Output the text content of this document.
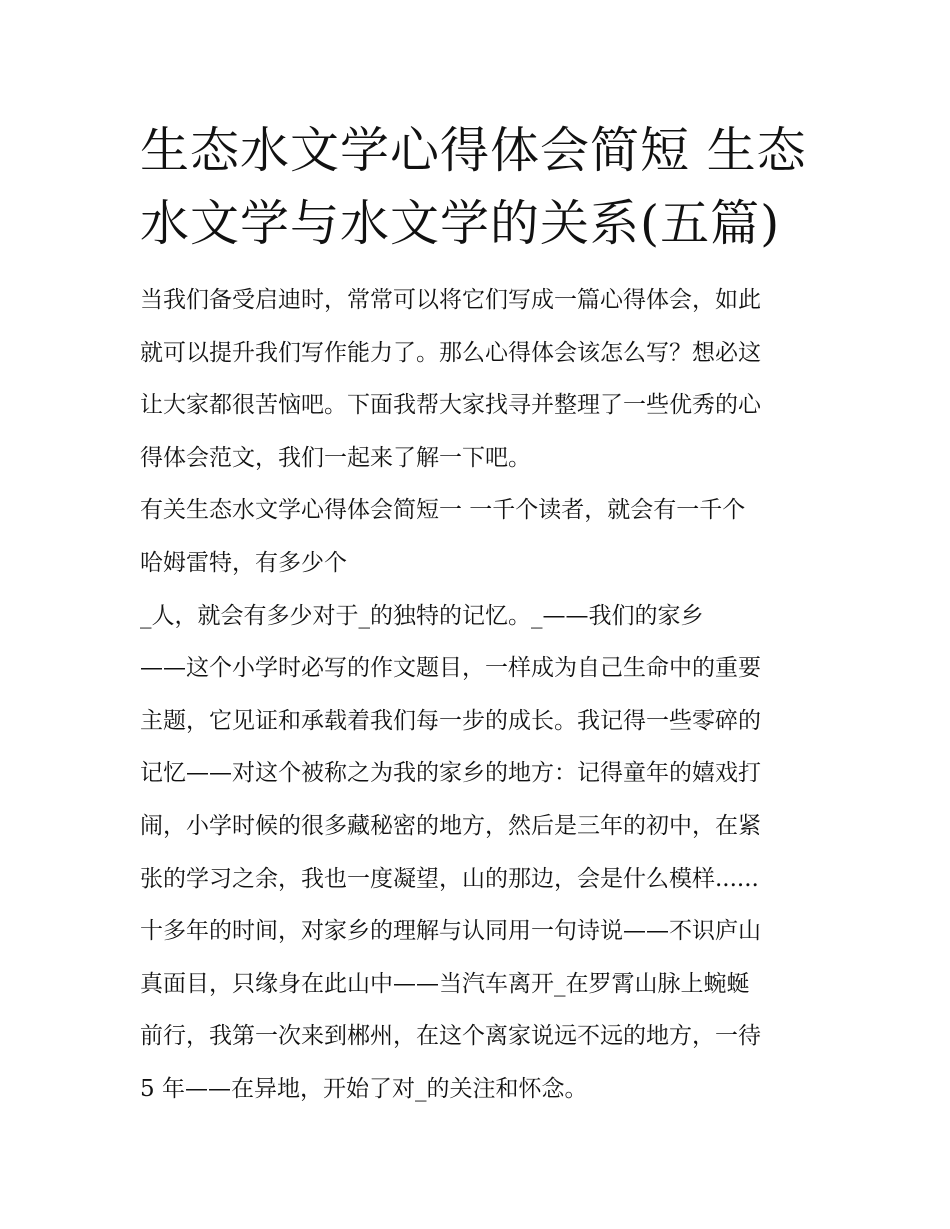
生态水文学心得体会简短 生态
水文学与水文学的关系(五篇)
当我们备受启迪时，常常可以将它们写成一篇心得体会，如此
就可以提升我们写作能力了。那么心得体会该怎么写？想必这
让大家都很苦恼吧。下面我帮大家找寻并整理了一些优秀的心
得体会范文，我们一起来了解一下吧。
有关生态水文学心得体会简短一 一千个读者，就会有一千个
哈姆雷特，有多少个
_人，就会有多少对于_的独特的记忆。_——我们的家乡
——这个小学时必写的作文题目，一样成为自己生命中的重要
主题，它见证和承载着我们每一步的成长。我记得一些零碎的
记忆——对这个被称之为我的家乡的地方：记得童年的嬉戏打
闹，小学时候的很多藏秘密的地方，然后是三年的初中，在紧
张的学习之余，我也一度凝望，山的那边，会是什么模样......
十多年的时间，对家乡的理解与认同用一句诗说——不识庐山
真面目，只缘身在此山中——当汽车离开_在罗霄山脉上蜿蜒
前行，我第一次来到郴州，在这个离家说远不远的地方，一待
5 年——在异地，开始了对_的关注和怀念。
